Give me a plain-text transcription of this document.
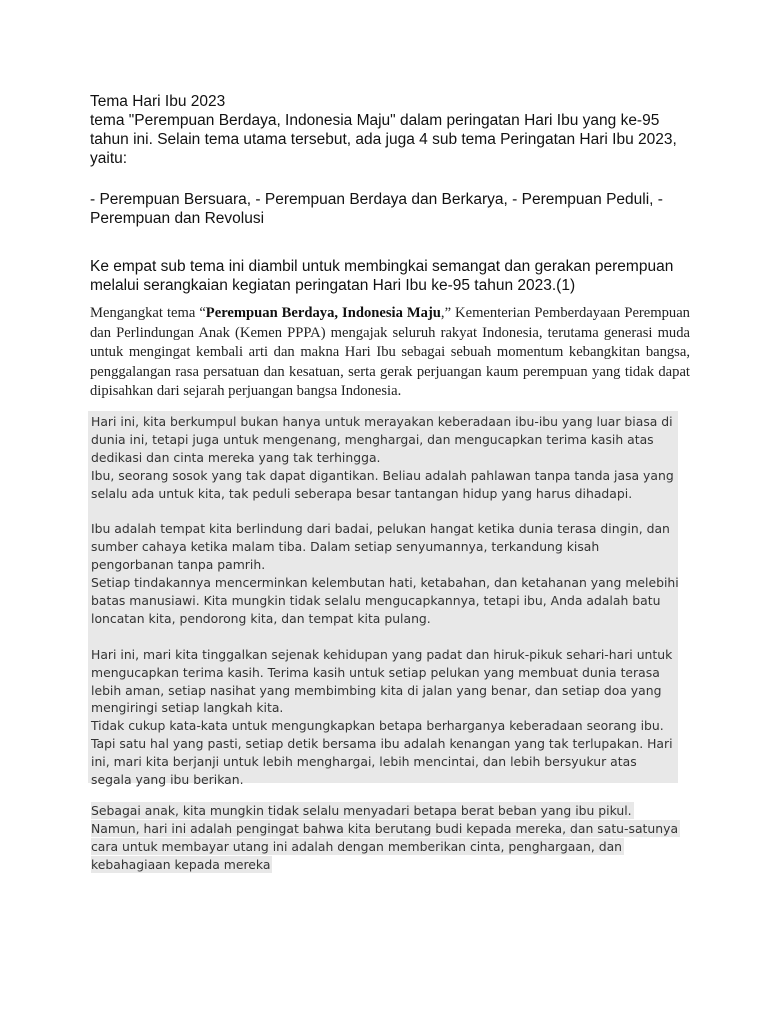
Tema Hari Ibu 2023

tema "Perempuan Berdaya, Indonesia Maju" dalam peringatan Hari Ibu yang ke-95 tahun ini. Selain tema utama tersebut, ada juga 4 sub tema Peringatan Hari Ibu 2023, yaitu:

- Perempuan Bersuara, - Perempuan Berdaya dan Berkarya, - Perempuan Peduli, - Perempuan dan Revolusi

Ke empat sub tema ini diambil untuk membingkai semangat dan gerakan perempuan melalui serangkaian kegiatan peringatan Hari Ibu ke-95 tahun 2023.(1)

Mengangkat tema “Perempuan Berdaya, Indonesia Maju,” Kementerian Pemberdayaan Perempuan dan Perlindungan Anak (Kemen PPPA) mengajak seluruh rakyat Indonesia, terutama generasi muda untuk mengingat kembali arti dan makna Hari Ibu sebagai sebuah momentum kebangkitan bangsa, penggalangan rasa persatuan dan kesatuan, serta gerak perjuangan kaum perempuan yang tidak dapat dipisahkan dari sejarah perjuangan bangsa Indonesia.

Hari ini, kita berkumpul bukan hanya untuk merayakan keberadaan ibu-ibu yang luar biasa di dunia ini, tetapi juga untuk mengenang, menghargai, dan mengucapkan terima kasih atas dedikasi dan cinta mereka yang tak terhingga.

Ibu, seorang sosok yang tak dapat digantikan. Beliau adalah pahlawan tanpa tanda jasa yang selalu ada untuk kita, tak peduli seberapa besar tantangan hidup yang harus dihadapi.

Ibu adalah tempat kita berlindung dari badai, pelukan hangat ketika dunia terasa dingin, dan sumber cahaya ketika malam tiba. Dalam setiap senyumannya, terkandung kisah pengorbanan tanpa pamrih.

Setiap tindakannya mencerminkan kelembutan hati, ketabahan, dan ketahanan yang melebihi batas manusiawi. Kita mungkin tidak selalu mengucapkannya, tetapi ibu, Anda adalah batu loncatan kita, pendorong kita, dan tempat kita pulang.

Hari ini, mari kita tinggalkan sejenak kehidupan yang padat dan hiruk-pikuk sehari-hari untuk mengucapkan terima kasih. Terima kasih untuk setiap pelukan yang membuat dunia terasa lebih aman, setiap nasihat yang membimbing kita di jalan yang benar, dan setiap doa yang mengiringi setiap langkah kita.

Tidak cukup kata-kata untuk mengungkapkan betapa berharganya keberadaan seorang ibu. Tapi satu hal yang pasti, setiap detik bersama ibu adalah kenangan yang tak terlupakan. Hari ini, mari kita berjanji untuk lebih menghargai, lebih mencintai, dan lebih bersyukur atas segala yang ibu berikan.

Sebagai anak, kita mungkin tidak selalu menyadari betapa berat beban yang ibu pikul. Namun, hari ini adalah pengingat bahwa kita berutang budi kepada mereka, dan satu-satunya cara untuk membayar utang ini adalah dengan memberikan cinta, penghargaan, dan kebahagiaan kepada mereka
